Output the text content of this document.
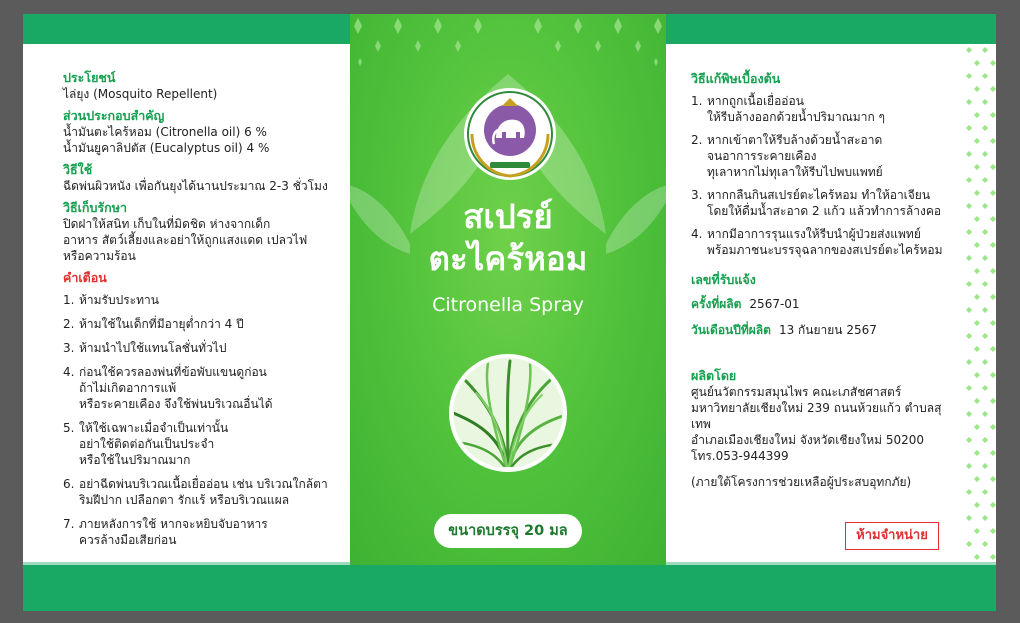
ประโยชน์
ไล่ยุง (Mosquito Repellent)
ส่วนประกอบสำคัญ
น้ำมันตะไคร้หอม (Citronella oil) 6 %
น้ำมันยูคาลิปตัส (Eucalyptus oil) 4 %
วิธีใช้
ฉีดพ่นผิวหนัง เพื่อกันยุงได้นานประมาณ 2-3 ชั่วโมง
วิธีเก็บรักษา
ปิดฝาให้สนิท เก็บในที่มิดชิด ห่างจากเด็ก
อาหาร สัตว์เลี้ยงและอย่าให้ถูกแสงแดด เปลวไฟ
หรือความร้อน
คำเตือน
1. ห้ามรับประทาน
2. ห้ามใช้ในเด็กที่มีอายุต่ำกว่า 4 ปี
3. ห้ามนำไปใช้แทนโลชั่นทั่วไป
4. ก่อนใช้ควรลองพ่นที่ข้อพับแขนดูก่อน
ถ้าไม่เกิดอาการแพ้
หรือระคายเคือง จึงใช้พ่นบริเวณอื่นได้
5. ให้ใช้เฉพาะเมื่อจำเป็นเท่านั้น
อย่าใช้ติดต่อกันเป็นประจำ
หรือใช้ในปริมาณมาก
6. อย่าฉีดพ่นบริเวณเนื้อเยื่ออ่อน เช่น บริเวณใกล้ตา
ริมฝีปาก เปลือกตา รักแร้ หรือบริเวณแผล
7. ภายหลังการใช้ หากจะหยิบจับอาหาร
ควรล้างมือเสียก่อน
สเปรย์
ตะไคร้หอม
Citronella Spray
ขนาดบรรจุ 20 มล
วิธีแก้พิษเบื้องต้น
1. หากถูกเนื้อเยื่ออ่อน
ให้รีบล้างออกด้วยน้ำปริมาณมาก ๆ
2. หากเข้าตาให้รีบล้างด้วยน้ำสะอาด
จนอาการระคายเคือง
ทุเลาหากไม่ทุเลาให้รีบไปพบแพทย์
3. หากกลืนกินสเปรย์ตะไคร้หอม ทำให้อาเจียน
โดยให้ดื่มน้ำสะอาด 2 แก้ว แล้วทำการล้างคอ
4. หากมีอาการรุนแรงให้รีบนำผู้ป่วยส่งแพทย์
พร้อมภาชนะบรรจุฉลากของสเปรย์ตะไคร้หอม
เลขที่รับแจ้ง
ครั้งที่ผลิต 2567-01
วันเดือนปีที่ผลิต 13 กันยายน 2567
ผลิตโดย
ศูนย์นวัตกรรมสมุนไพร คณะเภสัชศาสตร์
มหาวิทยาลัยเชียงใหม่ 239 ถนนห้วยแก้ว ตำบลสุเทพ
อำเภอเมืองเชียงใหม่ จังหวัดเชียงใหม่ 50200
โทร.053-944399
(ภายใต้โครงการช่วยเหลือผู้ประสบอุทกภัย)
ห้ามจำหน่าย
